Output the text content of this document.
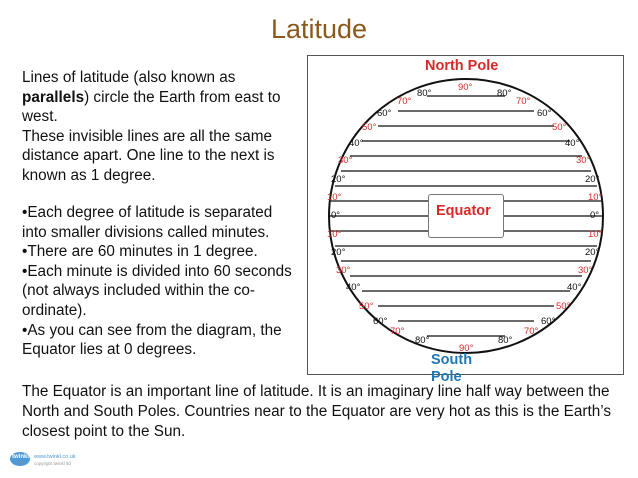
Latitude
Lines of latitude (also known as
parallels) circle the Earth from east to
west.
These invisible lines are all the same
distance apart. One line to the next is
known as 1 degree.
•Each degree of latitude is separated
into smaller divisions called minutes.
•There are 60 minutes in 1 degree.
•Each minute is divided into 60 seconds
(not always included within the co-
ordinate).
•As you can see from the diagram, the
Equator lies at 0 degrees.
North Pole
90°
80°	80°
70°	70°
60°	60°
50°	50°
40°	40°
30°	30°
20°	20°
10°	10°
0°	0°
10°	10°
20°	20°
30°	30°
40°	40°
50°	50°
60°	60°
70°	70°
80°	80°
90°
Equator
South Pole
The Equator is an important line of latitude. It is an imaginary line half way between the North and South Poles. Countries near to the Equator are very hot as this is the Earth’s closest point to the Sun.
twinkl www.twinkl.co.uk
copyright twinkl ltd
